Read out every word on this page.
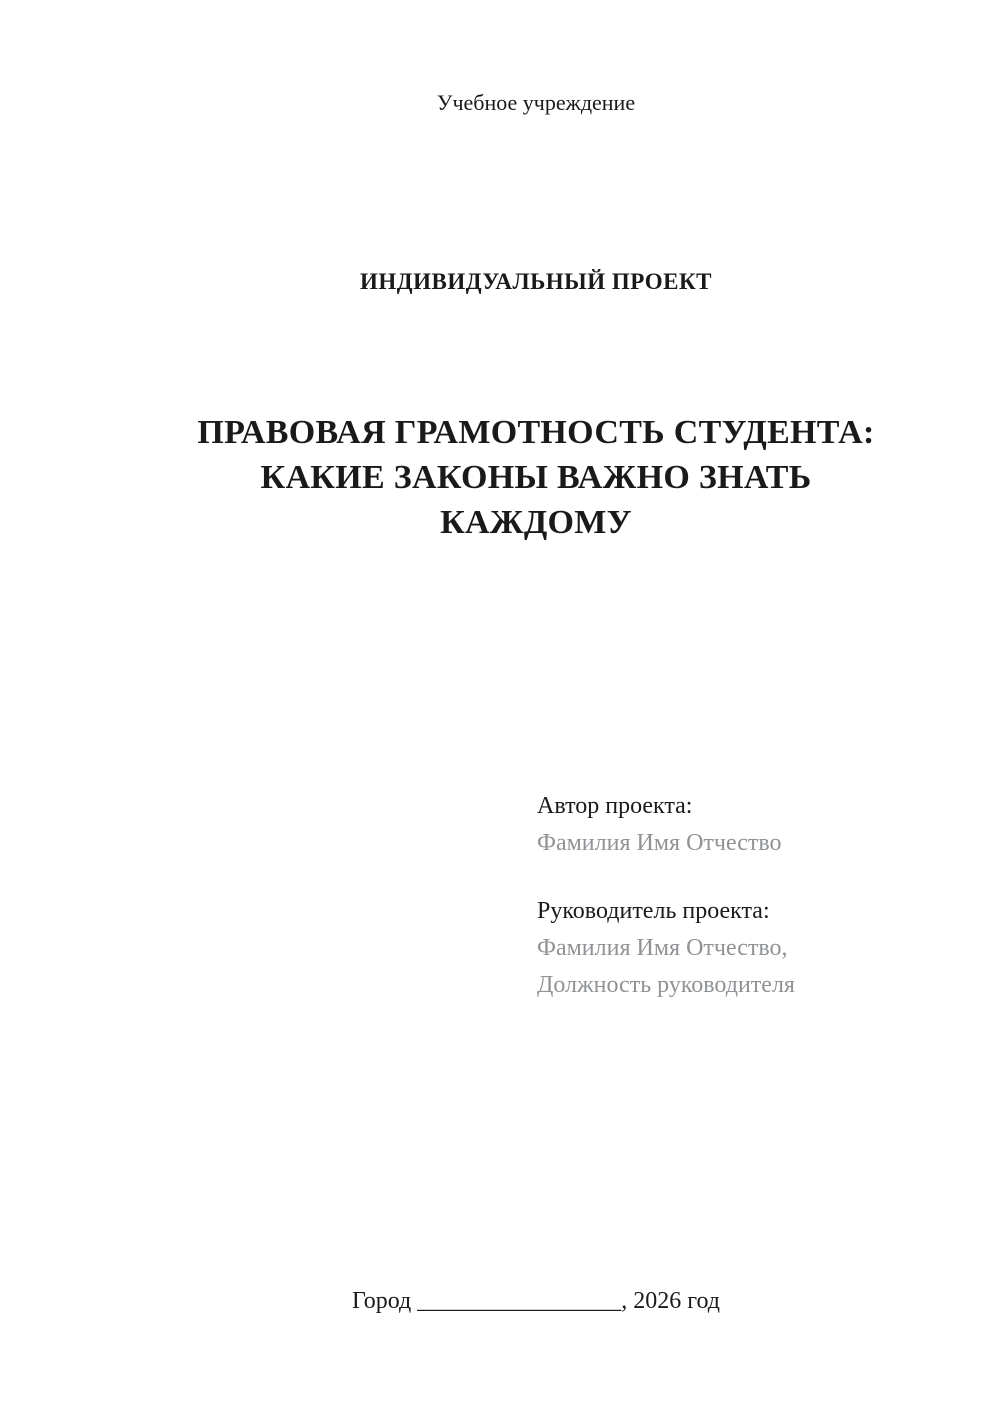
Учебное учреждение
ИНДИВИДУАЛЬНЫЙ ПРОЕКТ
ПРАВОВАЯ ГРАМОТНОСТЬ СТУДЕНТА:
КАКИЕ ЗАКОНЫ ВАЖНО ЗНАТЬ
КАЖДОМУ
Автор проекта:
Фамилия Имя Отчество
Руководитель проекта:
Фамилия Имя Отчество,
Должность руководителя
Город _________________, 2026 год
